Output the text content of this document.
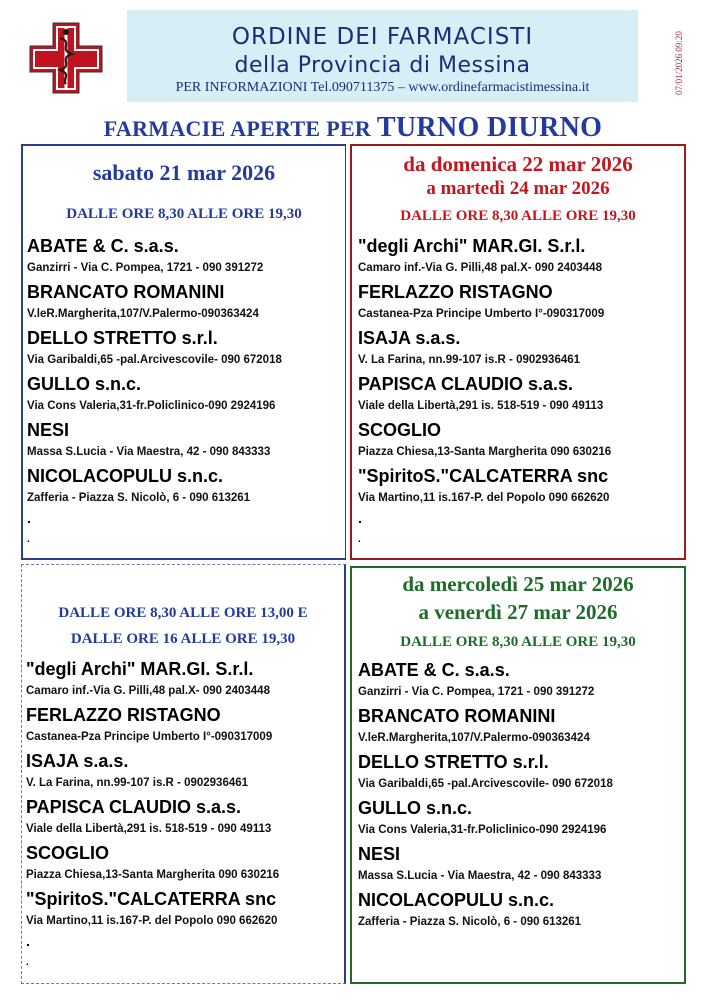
ORDINE DEI FARMACISTI
della Provincia di Messina
PER INFORMAZIONI Tel.090711375 – www.ordinefarmacistimessina.it	07/01/2026 09:20
FARMACIE APERTE PER TURNO DIURNO
sabato 21 mar 2026
DALLE ORE 8,30 ALLE ORE 19,30
ABATE & C. s.a.s.
Ganzirri - Via C. Pompea, 1721 - 090 391272
BRANCATO ROMANINI
V.leR.Margherita,107/V.Palermo-090363424
DELLO STRETTO s.r.l.
Via Garibaldi,65 -pal.Arcivescovile- 090 672018
GULLO s.n.c.
Via Cons Valeria,31-fr.Policlinico-090 2924196
NESI
Massa S.Lucia - Via Maestra, 42 - 090 843333
NICOLACOPULU s.n.c.
Zafferia - Piazza S. Nicolò, 6 - 090 613261
.
.
da domenica 22 mar 2026
a martedì 24 mar 2026
DALLE ORE 8,30 ALLE ORE 19,30
"degli Archi" MAR.GI. S.r.l.
Camaro inf.-Via G. Pilli,48 pal.X- 090 2403448
FERLAZZO RISTAGNO
Castanea-Pza Principe Umberto I°-090317009
ISAJA s.a.s.
V. La Farina, nn.99-107 is.R - 0902936461
PAPISCA CLAUDIO s.a.s.
Viale della Libertà,291 is. 518-519 - 090 49113
SCOGLIO
Piazza Chiesa,13-Santa Margherita 090 630216
"SpiritoS."CALCATERRA snc
Via Martino,11 is.167-P. del Popolo 090 662620
.
.
DALLE ORE 8,30 ALLE ORE 13,00 E
DALLE ORE 16 ALLE ORE 19,30
"degli Archi" MAR.GI. S.r.l.
Camaro inf.-Via G. Pilli,48 pal.X- 090 2403448
FERLAZZO RISTAGNO
Castanea-Pza Principe Umberto I°-090317009
ISAJA s.a.s.
V. La Farina, nn.99-107 is.R - 0902936461
PAPISCA CLAUDIO s.a.s.
Viale della Libertà,291 is. 518-519 - 090 49113
SCOGLIO
Piazza Chiesa,13-Santa Margherita 090 630216
"SpiritoS."CALCATERRA snc
Via Martino,11 is.167-P. del Popolo 090 662620
.
.
da mercoledì 25 mar 2026
a venerdì 27 mar 2026
DALLE ORE 8,30 ALLE ORE 19,30
ABATE & C. s.a.s.
Ganzirri - Via C. Pompea, 1721 - 090 391272
BRANCATO ROMANINI
V.leR.Margherita,107/V.Palermo-090363424
DELLO STRETTO s.r.l.
Via Garibaldi,65 -pal.Arcivescovile- 090 672018
GULLO s.n.c.
Via Cons Valeria,31-fr.Policlinico-090 2924196
NESI
Massa S.Lucia - Via Maestra, 42 - 090 843333
NICOLACOPULU s.n.c.
Zafferia - Piazza S. Nicolò, 6 - 090 613261
